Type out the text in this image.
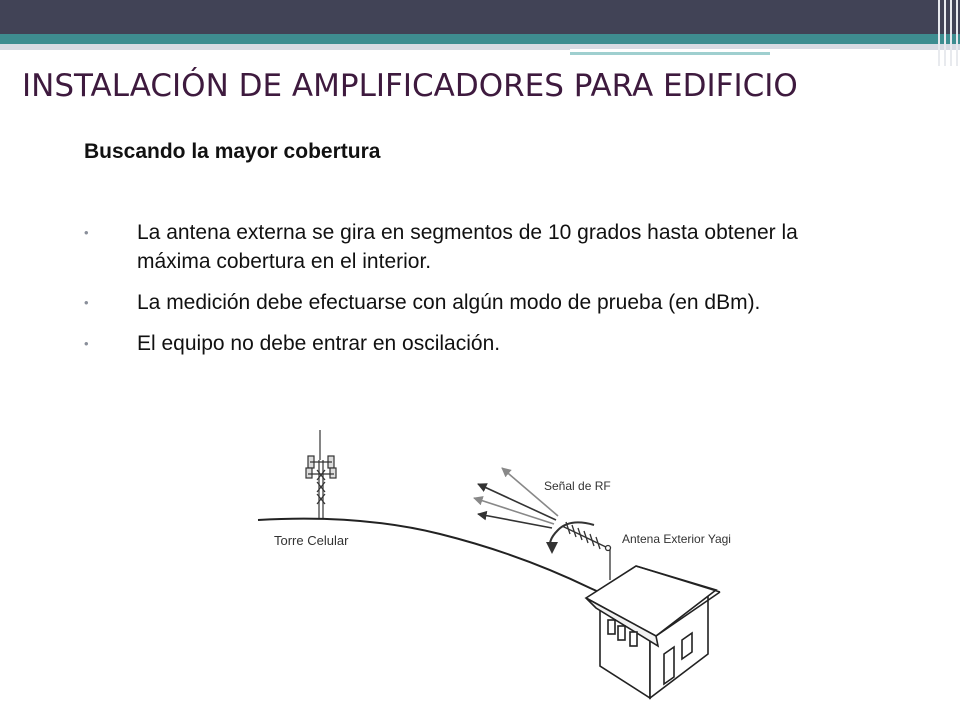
INSTALACIÓN DE AMPLIFICADORES PARA EDIFICIO
Buscando la mayor cobertura
• La antena externa se gira en segmentos de 10 grados hasta obtener la máxima cobertura en el interior.
• La medición debe efectuarse con algún modo de prueba (en dBm).
• El equipo no debe entrar en oscilación.
Torre Celular
Señal de RF
Antena Exterior Yagi
